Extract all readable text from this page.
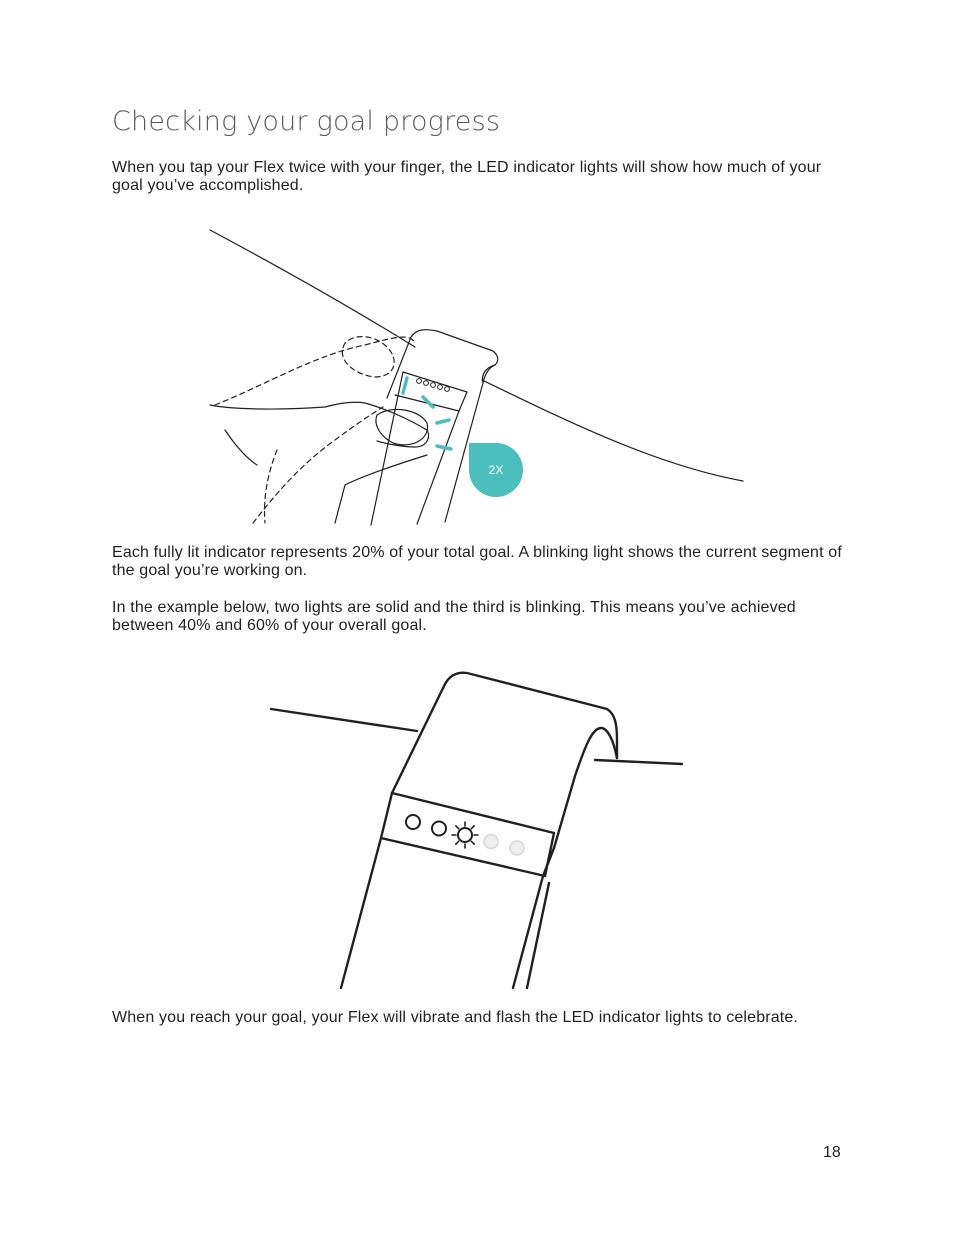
Checking your goal progress

When you tap your Flex twice with your finger, the LED indicator lights will show how much of your goal you’ve accomplished.

2X

Each fully lit indicator represents 20% of your total goal. A blinking light shows the current segment of the goal you’re working on.

In the example below, two lights are solid and the third is blinking. This means you’ve achieved between 40% and 60% of your overall goal.

When you reach your goal, your Flex will vibrate and flash the LED indicator lights to celebrate.

18
